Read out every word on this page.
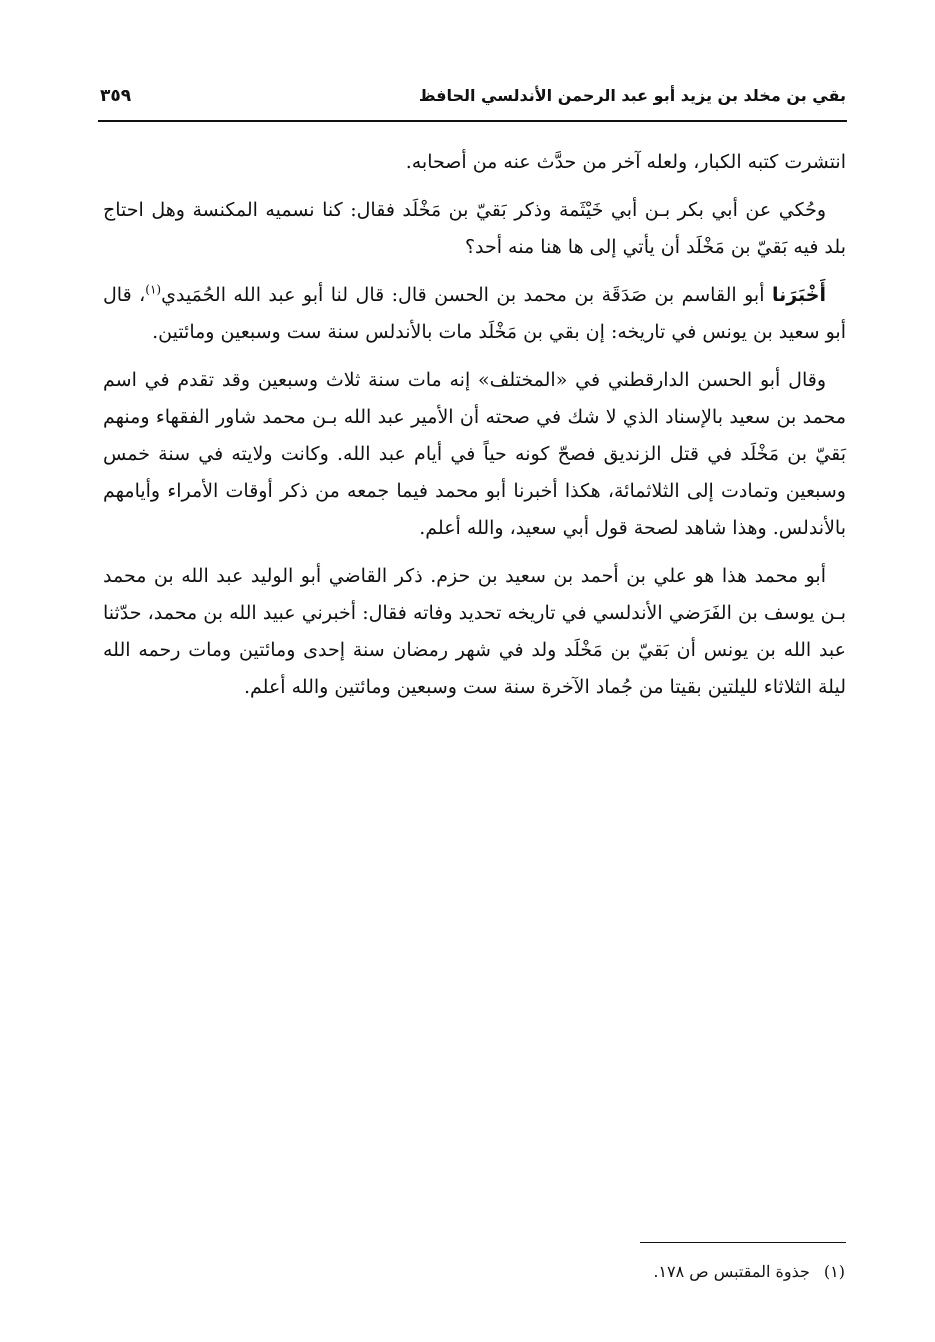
بقي بن مخلد بن يزيد أبو عبد الرحمن الأندلسي الحافظ
٣٥٩

انتشرت كتبه الكبار، ولعله آخر من حدَّث عنه من أصحابه.

وحُكي عن أبي بكر بـن أبي خَيْثَمة وذكر بَقيّ بن مَخْلَد فقال: كنا نسميه المكنسة وهل احتاج بلد فيه بَقيّ بن مَخْلَد أن يأتي إلى ها هنا منه أحد؟

أَخْبَرَنا أبو القاسم بن صَدَقَة بن محمد بن الحسن قال: قال لنا أبو عبد الله الحُمَيدي$^{(١)}$، قال أبو سعيد بن يونس في تاريخه: إن بقي بن مَخْلَد مات بالأندلس سنة ست وسبعين ومائتين.

وقال أبو الحسن الدارقطني في «المختلف» إنه مات سنة ثلاث وسبعين وقد تقدم في اسم محمد بن سعيد بالإسناد الذي لا شك في صحته أن الأمير عبد الله بـن محمد شاور الفقهاء ومنهم بَقيّ بن مَخْلَد في قتل الزنديق فصحّ كونه حياً في أيام عبد الله. وكانت ولايته في سنة خمس وسبعين وتمادت إلى الثلاثمائة، هكذا أخبرنا أبو محمد فيما جمعه من ذكر أوقات الأمراء وأيامهم بالأندلس. وهذا شاهد لصحة قول أبي سعيد، والله أعلم.

أبو محمد هذا هو علي بن أحمد بن سعيد بن حزم. ذكر القاضي أبو الوليد عبد الله بن محمد بـن يوسف بن الفَرَضي الأندلسي في تاريخه تحديد وفاته فقال: أخبرني عبيد الله بن محمد، حدّثنا عبد الله بن يونس أن بَقيّ بن مَخْلَد ولد في شهر رمضان سنة إحدى ومائتين ومات رحمه الله ليلة الثلاثاء لليلتين بقيتا من جُماد الآخرة سنة ست وسبعين ومائتين والله أعلم.

(١)جذوة المقتبس ص ١٧٨.
